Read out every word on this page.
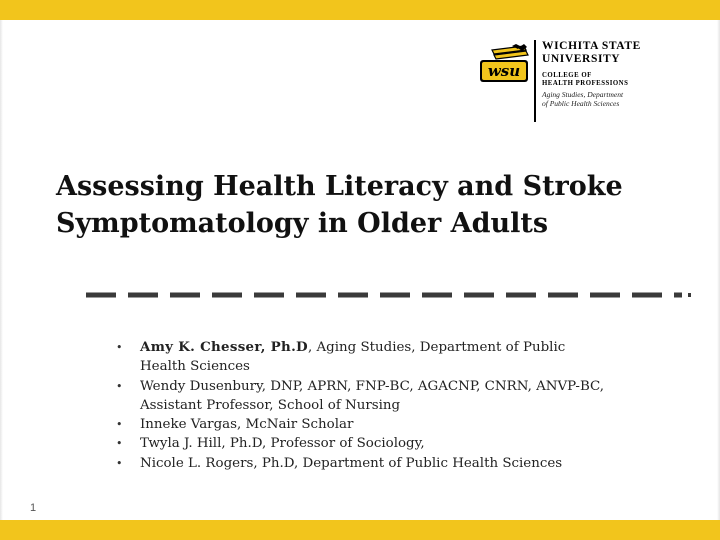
wsu
WICHITA STATE
UNIVERSITY
COLLEGE OF
HEALTH PROFESSIONS
Aging Studies, Department
of Public Health Sciences
Assessing Health Literacy and Stroke
Symptomatology in Older Adults
• Amy K. Chesser, Ph.D, Aging Studies, Department of Public Health Sciences
• Wendy Dusenbury, DNP, APRN, FNP-BC, AGACNP, CNRN, ANVP-BC, Assistant Professor, School of Nursing
• Inneke Vargas, McNair Scholar
• Twyla J. Hill, Ph.D, Professor of Sociology,
• Nicole L. Rogers, Ph.D, Department of Public Health Sciences
1
